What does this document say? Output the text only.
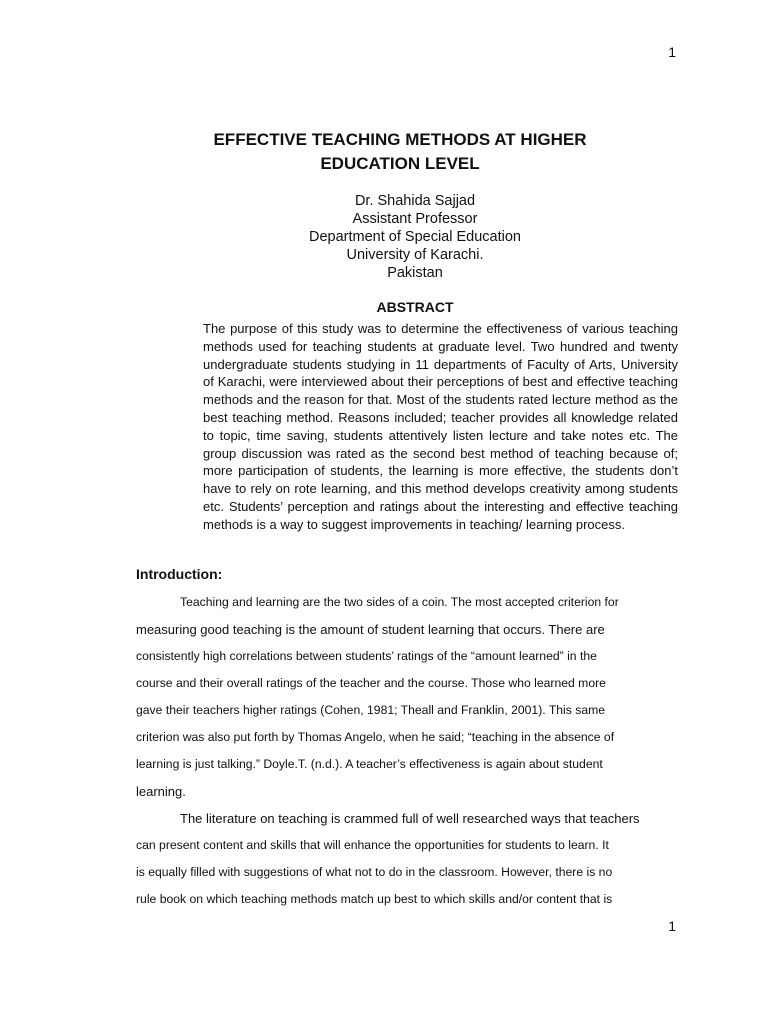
1
EFFECTIVE TEACHING METHODS AT HIGHER
EDUCATION LEVEL
Dr. Shahida Sajjad
Assistant Professor
Department of Special Education
University of Karachi.
Pakistan
ABSTRACT
The purpose of this study was to determine the effectiveness of various teaching methods used for teaching students at graduate level. Two hundred and twenty undergraduate students studying in 11 departments of Faculty of Arts, University of Karachi, were interviewed about their perceptions of best and effective teaching methods and the reason for that. Most of the students rated lecture method as the best teaching method. Reasons included; teacher provides all knowledge related to topic, time saving, students attentively listen lecture and take notes etc. The group discussion was rated as the second best method of teaching because of; more participation of students, the learning is more effective, the students don’t have to rely on rote learning, and this method develops creativity among students etc. Students’ perception and ratings about the interesting and effective teaching methods is a way to suggest improvements in teaching/ learning process.
Introduction:
Teaching and learning are the two sides of a coin. The most accepted criterion for
measuring good teaching is the amount of student learning that occurs. There are
consistently high correlations between students’ ratings of the “amount learned” in the
course and their overall ratings of the teacher and the course. Those who learned more
gave their teachers higher ratings (Cohen, 1981; Theall and Franklin, 2001). This same
criterion was also put forth by Thomas Angelo, when he said; “teaching in the absence of
learning is just talking.” Doyle.T. (n.d.). A teacher’s effectiveness is again about student
learning.
The literature on teaching is crammed full of well researched ways that teachers
can present content and skills that will enhance the opportunities for students to learn. It
is equally filled with suggestions of what not to do in the classroom. However, there is no
rule book on which teaching methods match up best to which skills and/or content that is
1
